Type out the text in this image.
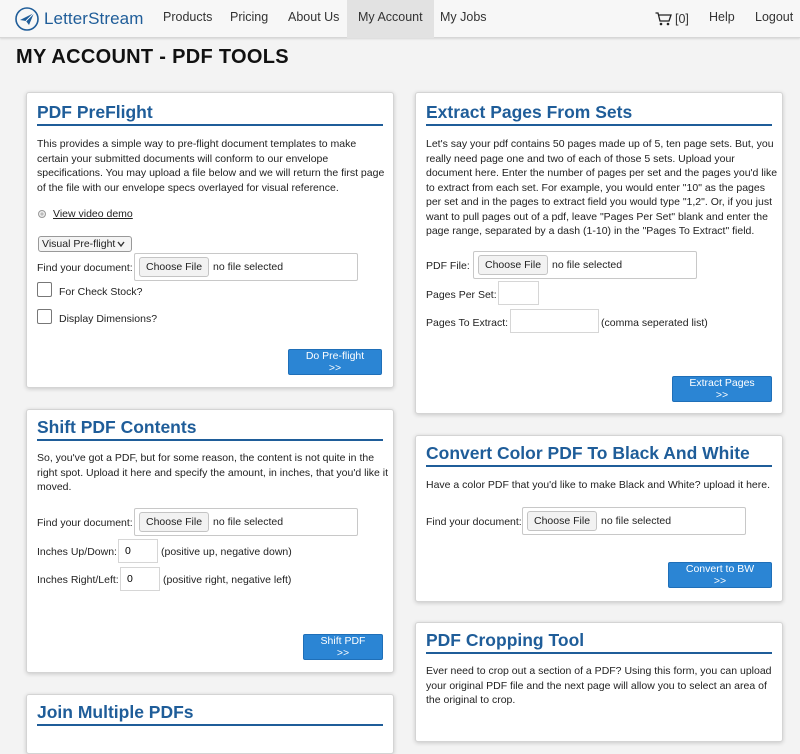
LetterStream	Products	Pricing	About Us	My Account	My Jobs	[0]	Help	Logout
MY ACCOUNT - PDF TOOLS
PDF PreFlight

This provides a simple way to pre-flight document templates to make certain your submitted documents will conform to our envelope specifications. You may upload a file below and we will return the first page of the file with our envelope specs overlayed for visual reference.

View video demo
Visual Pre-flight
Find your document:	Choose File	no file selected
For Check Stock?
Display Dimensions?
Do Pre-flight >>
Shift PDF Contents

So, you've got a PDF, but for some reason, the content is not quite in the right spot. Upload it here and specify the amount, in inches, that you'd like it moved.

Find your document:	Choose File	no file selected
Inches Up/Down:
0	(positive up, negative down)
Inches Right/Left:
0	(positive right, negative left)
Shift PDF >>
Join Multiple PDFs
Extract Pages From Sets

Let's say your pdf contains 50 pages made up of 5, ten page sets. But, you really need page one and two of each of those 5 sets. Upload your document here. Enter the number of pages per set and the pages you'd like to extract from each set. For example, you would enter "10" as the pages per set and in the pages to extract field you would type "1,2". Or, if you just want to pull pages out of a pdf, leave "Pages Per Set" blank and enter the page range, separated by a dash (1-10) in the "Pages To Extract" field.

PDF File:	Choose File	no file selected
Pages Per Set:
Pages To Extract:	(comma seperated list)
Extract Pages >>
Convert Color PDF To Black And White

Have a color PDF that you'd like to make Black and White? upload it here.

Find your document:	Choose File	no file selected
Convert to BW >>
PDF Cropping Tool

Ever need to crop out a section of a PDF? Using this form, you can upload your original PDF file and the next page will allow you to select an area of the original to crop.
